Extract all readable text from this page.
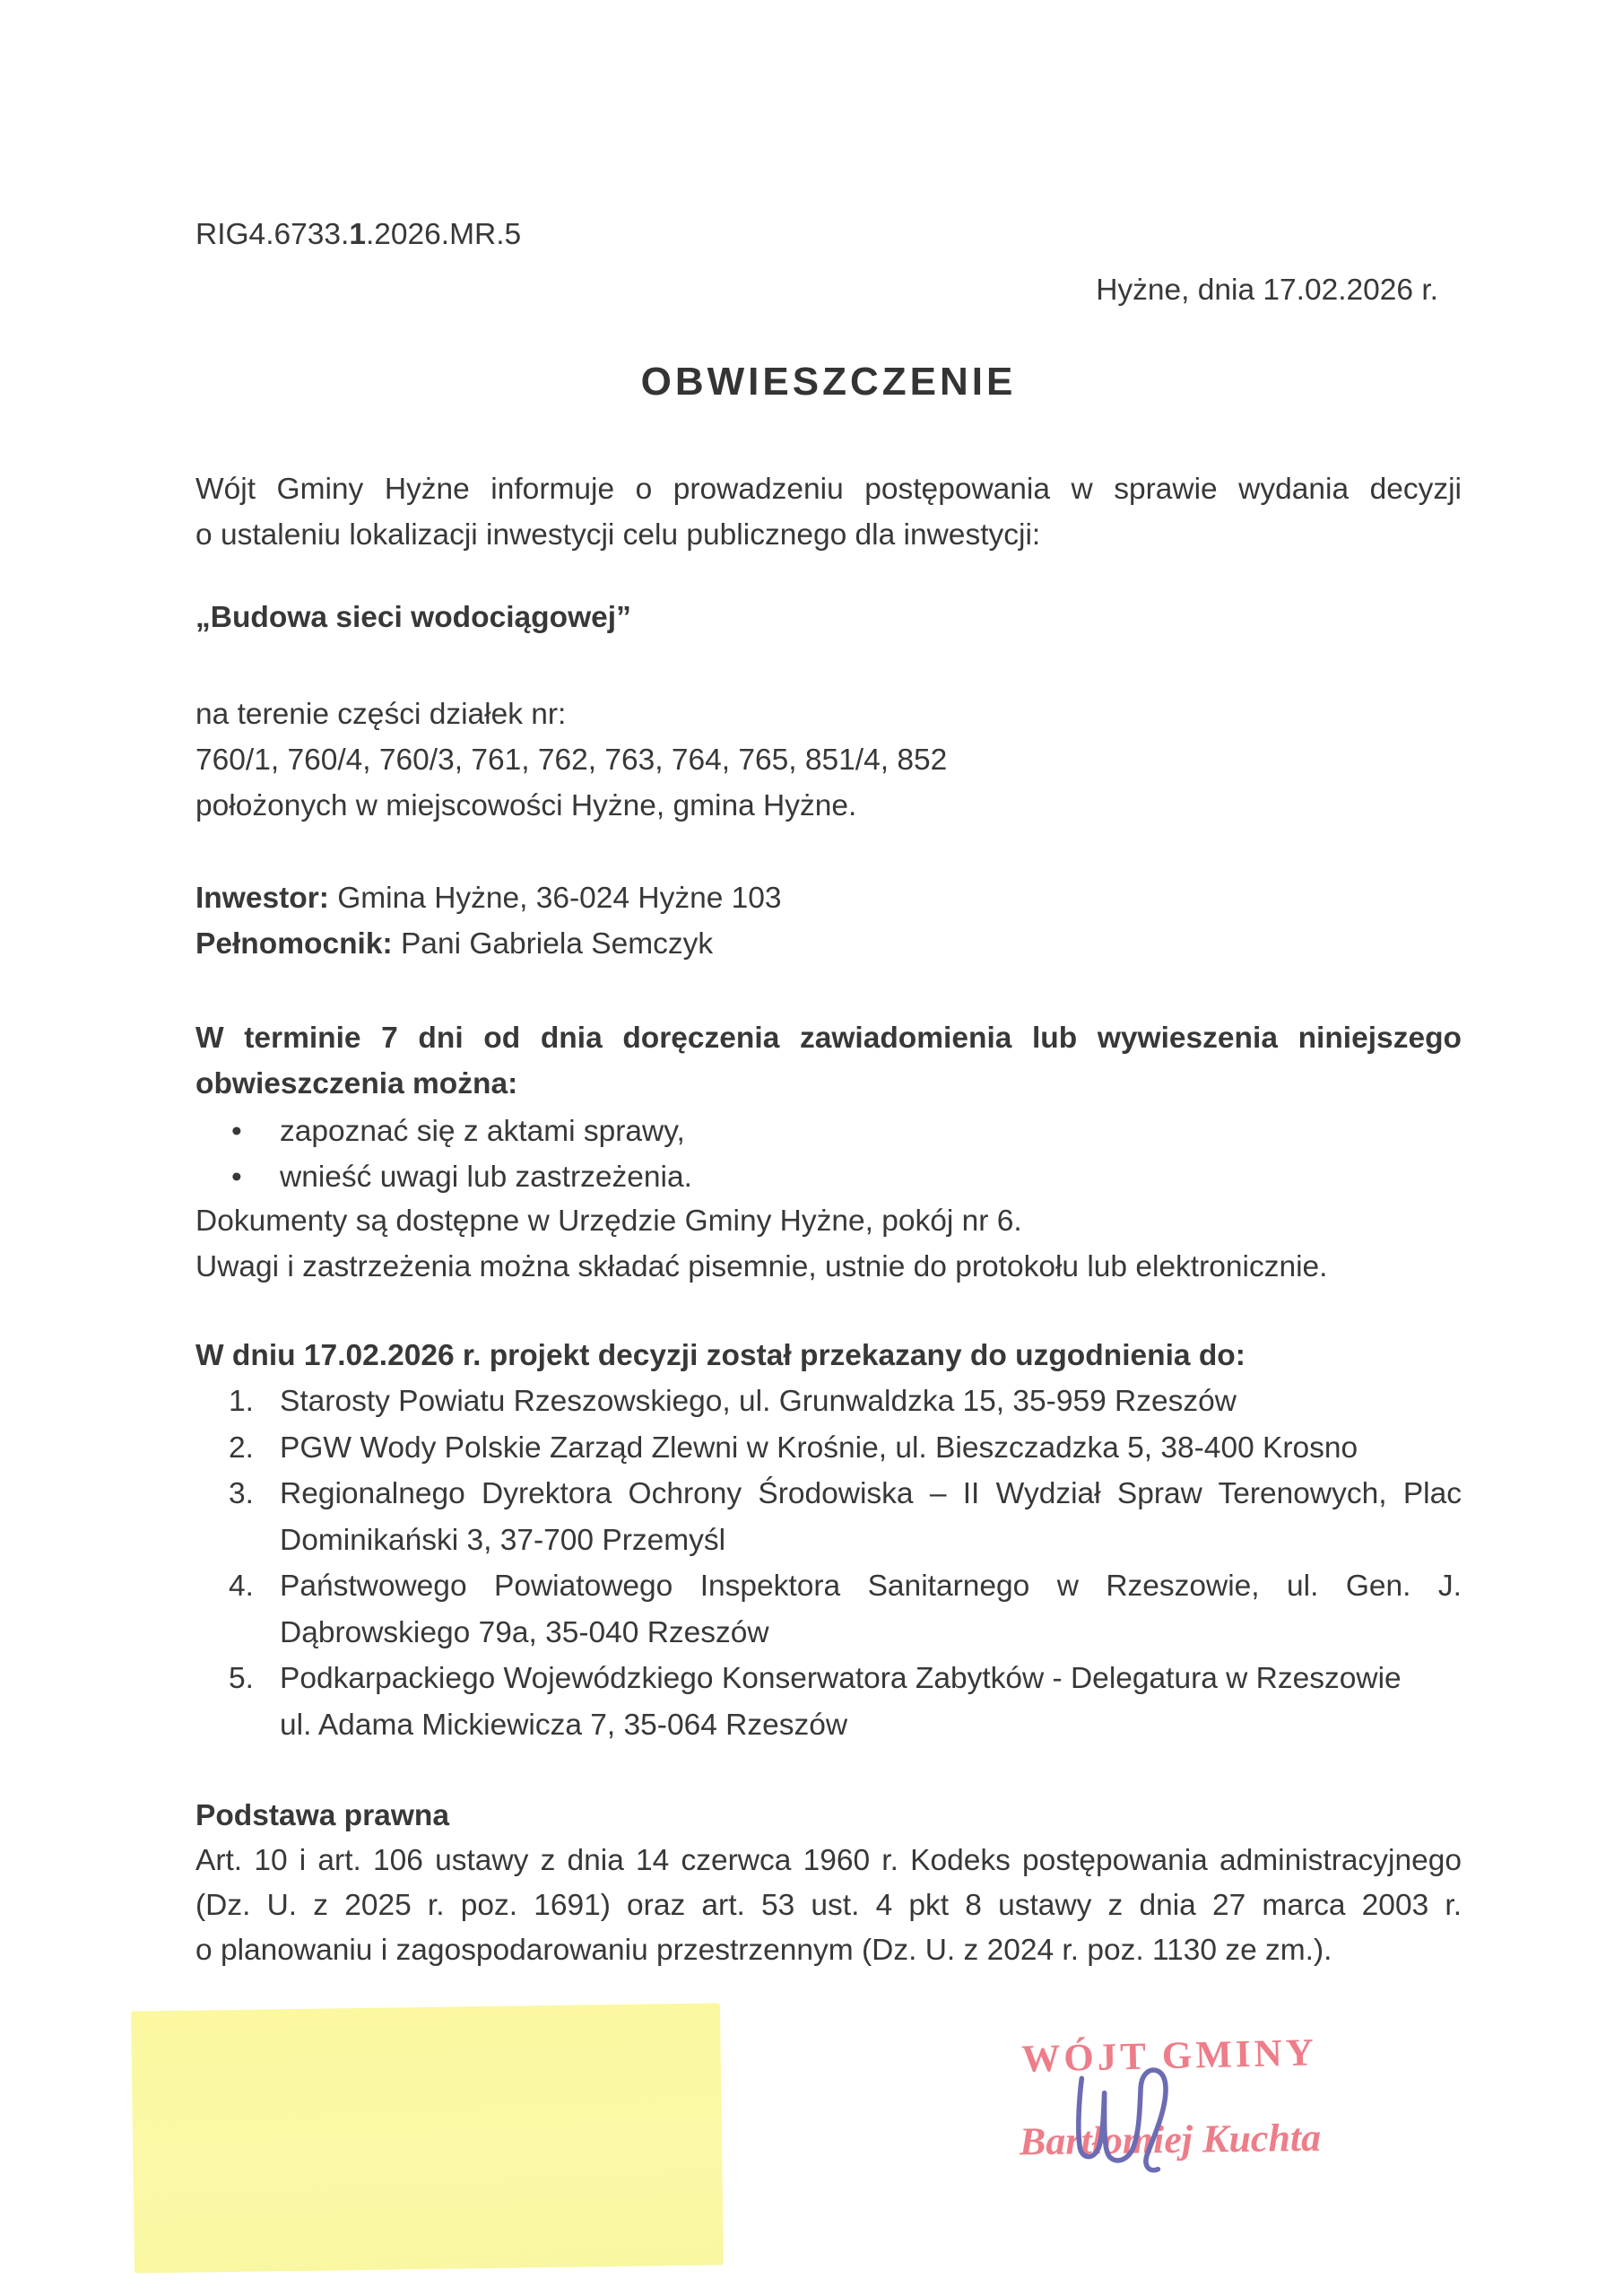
RIG4.6733.1.2026.MR.5
Hyżne, dnia 17.02.2026 r.
OBWIESZCZENIE
Wójt Gminy Hyżne informuje o prowadzeniu postępowania w sprawie wydania decyzji
o ustaleniu lokalizacji inwestycji celu publicznego dla inwestycji:
„Budowa sieci wodociągowej”
na terenie części działek nr:
760/1, 760/4, 760/3, 761, 762, 763, 764, 765, 851/4, 852
położonych w miejscowości Hyżne, gmina Hyżne.
Inwestor: Gmina Hyżne, 36-024 Hyżne 103
Pełnomocnik: Pani Gabriela Semczyk
W terminie 7 dni od dnia doręczenia zawiadomienia lub wywieszenia niniejszego
obwieszczenia można:
• zapoznać się z aktami sprawy,
• wnieść uwagi lub zastrzeżenia.
Dokumenty są dostępne w Urzędzie Gminy Hyżne, pokój nr 6.
Uwagi i zastrzeżenia można składać pisemnie, ustnie do protokołu lub elektronicznie.
W dniu 17.02.2026 r. projekt decyzji został przekazany do uzgodnienia do:
1. Starosty Powiatu Rzeszowskiego, ul. Grunwaldzka 15, 35-959 Rzeszów
2. PGW Wody Polskie Zarząd Zlewni w Krośnie, ul. Bieszczadzka 5, 38-400 Krosno
3. Regionalnego Dyrektora Ochrony Środowiska – II Wydział Spraw Terenowych, Plac
Dominikański 3, 37-700 Przemyśl
4. Państwowego Powiatowego Inspektora Sanitarnego w Rzeszowie, ul. Gen. J.
Dąbrowskiego 79a, 35-040 Rzeszów
5. Podkarpackiego Wojewódzkiego Konserwatora Zabytków - Delegatura w Rzeszowie
ul. Adama Mickiewicza 7, 35-064 Rzeszów
Podstawa prawna
Art. 10 i art. 106 ustawy z dnia 14 czerwca 1960 r. Kodeks postępowania administracyjnego
(Dz. U. z 2025 r. poz. 1691) oraz art. 53 ust. 4 pkt 8 ustawy z dnia 27 marca 2003 r.
o planowaniu i zagospodarowaniu przestrzennym (Dz. U. z 2024 r. poz. 1130 ze zm.).
WÓJT GMINY
Bartłomiej Kuchta
